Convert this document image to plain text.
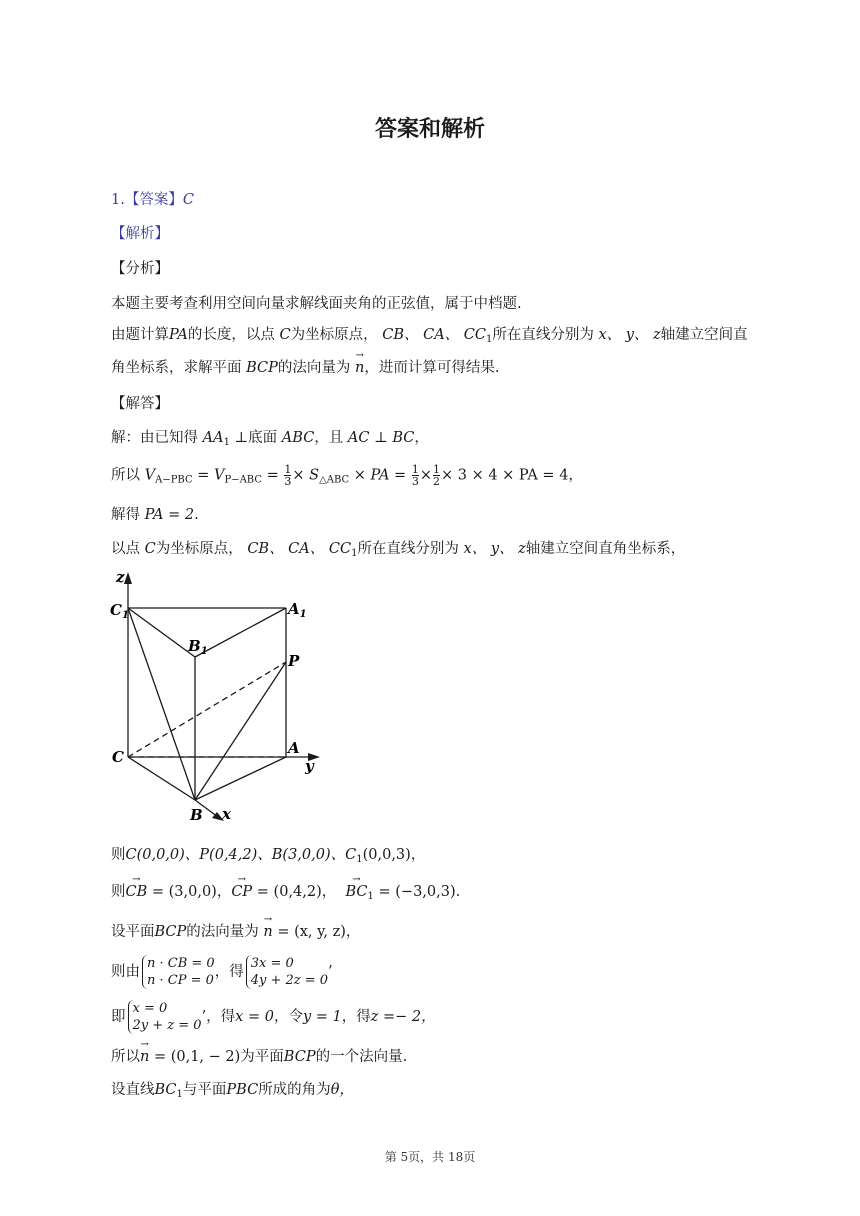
答案和解析
1.【答案】C
【解析】
【分析】
本题主要考查利用空间向量求解线面夹角的正弦值，属于中档题.
由题计算PA的长度，以点 C为坐标原点， CB、 CA、 $CC_1$所在直线分别为 x、 y、 z轴建立空间直
角坐标系，求解平面 BCP的法向量为 → n，进而计算可得结果.
【解答】
解：由已知得 $AA_1$ ⊥底面 ABC，且 AC ⊥ BC，
所以 $V_{A-PBC} = V_{P-ABC} = \frac{1}{3} \times S_{\triangle ABC}$ × PA = $\frac{1}{3} \times \frac{1}{2} \times 3 \times 4$ × PA = 4，
解得 PA = 2.
以点 C为坐标原点， CB、 CA、 $CC_1$所在直线分别为 x、 y、 z轴建立空间直角坐标系，
z
$C_1$	$A_1$
$B_1$
P
C	A
y
B x
则C(0,0,0)、P(0,4,2)、B(3,0,0)、$C_1(0,0,3)$，
则→ CB = (3,0,0)，→ CP = (0,4,2)，  → $BC_1 = (-3,0,3)$.
设平面BCP的法向量为 → n = (x, y, z)，
则由n · CB = 0
n · CP = 0，得3x = 0
4y + 2z = 0’
即x = 0
2y + z = 0’，得x = 0，令y = 1，得z =− 2，
所以→ n = (0,1, − 2)为平面BCP的一个法向量.
设直线$BC_1$与平面PBC所成的角为θ，
第 5页，共 18页
